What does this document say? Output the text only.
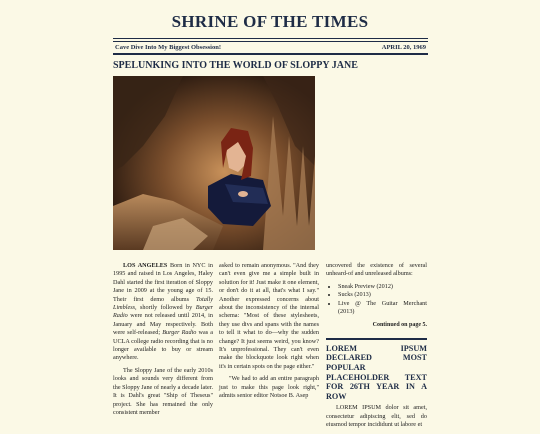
SHRINE OF THE TIMES
Cave Dive Into My Biggest Obsession!	APRIL 20, 1969
SPELUNKING INTO THE WORLD OF SLOPPY JANE

LOS ANGELES Born in NYC in 1995 and raised in Los Angeles, Haley Dahl started the first iteration of Sloppy Jane in 2009 at the young age of 15. Their first demo albums Totally Limbless, shortly followed by Burger Radio were not released until 2014, in January and May respectively. Both were self-released; Burger Radio was a UCLA college radio recording that is no longer available to buy or stream anywhere.

The Sloppy Jane of the early 2010s looks and sounds very different from the Sloppy Jane of nearly a decade later. It is Dahl's great "Ship of Theseus" project. She has remained the only consistent member

asked to remain anonymous. "And they can't even give me a simple built in solution for it! Just make it one element, or don't do it at all, that's what I say." Another expressed concerns about about the inconsistency of the internal schema: "Most of these stylesheets, they use divs and spans with the names to tell it what to do—why the sudden change? It just seems weird, you know? It's unprofessional. They can't even make the blockquote look right when it's in certain spots on the page either."

"We had to add an entire paragraph just to make this page look right," admits senior editor Notsoe B. Asep

uncovered the existence of several unheard-of and unreleased albums:

• Sneak Preview (2012)
• Sucks (2013)
• Live @ The Guitar Merchant (2013)
Continued on page 5.
LOREM IPSUM DECLARED MOST POPULAR PLACEHOLDER TEXT FOR 26TH YEAR IN A ROW

LOREM IPSUM dolor sit amet, consectetur adipiscing elit, sed do eiusmod tempor incididunt ut labore et
